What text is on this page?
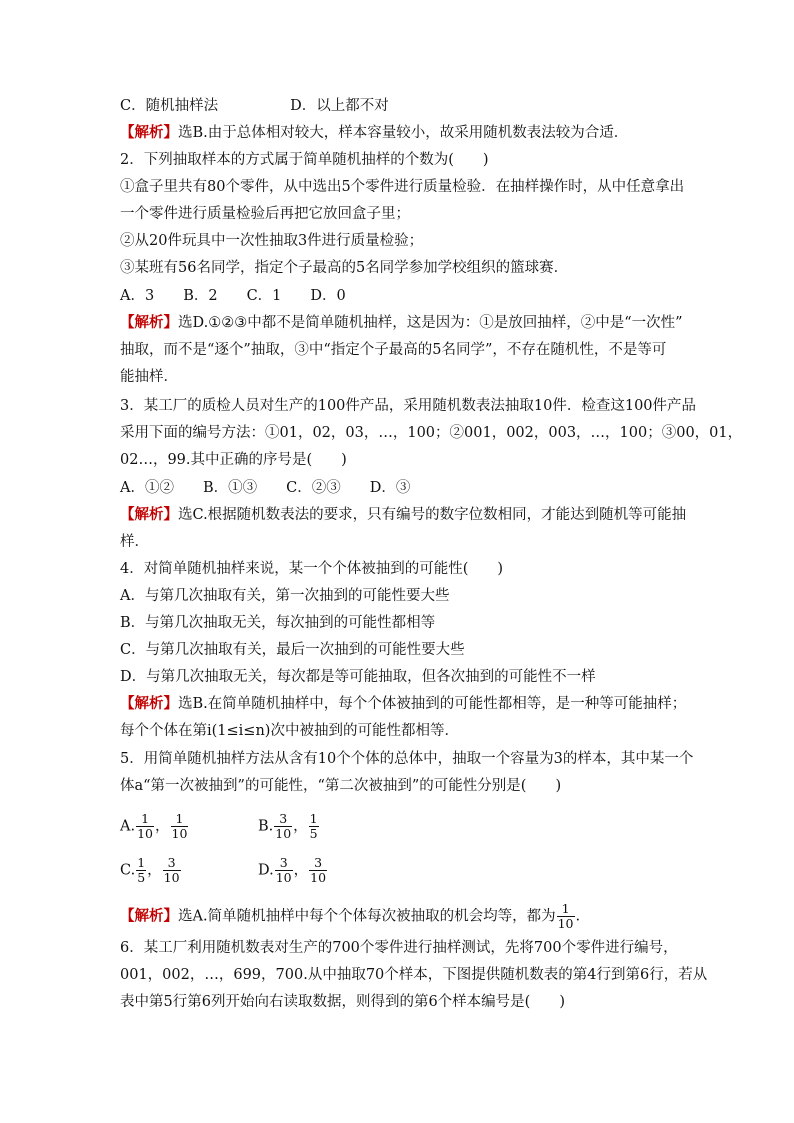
C．随机抽样法	D．以上都不对
【解析】选B.由于总体相对较大，样本容量较小，故采用随机数表法较为合适．
2．下列抽取样本的方式属于简单随机抽样的个数为(　　)
①盒子里共有80个零件，从中选出5个零件进行质量检验．在抽样操作时，从中任意拿出
一个零件进行质量检验后再把它放回盒子里；
②从20件玩具中一次性抽取3件进行质量检验；
③某班有56名同学，指定个子最高的5名同学参加学校组织的篮球赛．
A．3　　B．2　　C．1　　D．0
【解析】选D.①②③中都不是简单随机抽样，这是因为：①是放回抽样，②中是“一次性”
抽取，而不是“逐个”抽取，③中“指定个子最高的5名同学”，不存在随机性，不是等可
能抽样．
3．某工厂的质检人员对生产的100件产品，采用随机数表法抽取10件．检查这100件产品
采用下面的编号方法：①01，02，03，…，100；②001，002，003，…，100；③00，01，
02…，99.其中正确的序号是(　　)
A．①②　　B．①③　　C．②③　　D．③
【解析】选C.根据随机数表法的要求，只有编号的数字位数相同，才能达到随机等可能抽
样．
4．对简单随机抽样来说，某一个个体被抽到的可能性(　　)
A．与第几次抽取有关，第一次抽到的可能性要大些
B．与第几次抽取无关，每次抽到的可能性都相等
C．与第几次抽取有关，最后一次抽到的可能性要大些
D．与第几次抽取无关，每次都是等可能抽取，但各次抽到的可能性不一样
【解析】选B.在简单随机抽样中，每个个体被抽到的可能性都相等，是一种等可能抽样；
每个个体在第i(1≤i≤n)次中被抽到的可能性都相等．
5．用简单随机抽样方法从含有10个个体的总体中，抽取一个容量为3的样本，其中某一个
体a“第一次被抽到”的可能性，“第二次被抽到”的可能性分别是(　　)
A. $\frac{1}{10}$ ， $\frac{1}{10}$	B. $\frac{3}{10}$ ， $\frac{1}{5}$
C. $\frac{1}{5}$ ， $\frac{3}{10}$	D. $\frac{3}{10}$ ， $\frac{3}{10}$
【解析】选A.简单随机抽样中每个个体每次被抽取的机会均等，都为 $\frac{1}{10}$ .
6．某工厂利用随机数表对生产的700个零件进行抽样测试，先将700个零件进行编号，
001，002，…，699，700.从中抽取70个样本，下图提供随机数表的第4行到第6行，若从
表中第5行第6列开始向右读取数据，则得到的第6个样本编号是(　　)
